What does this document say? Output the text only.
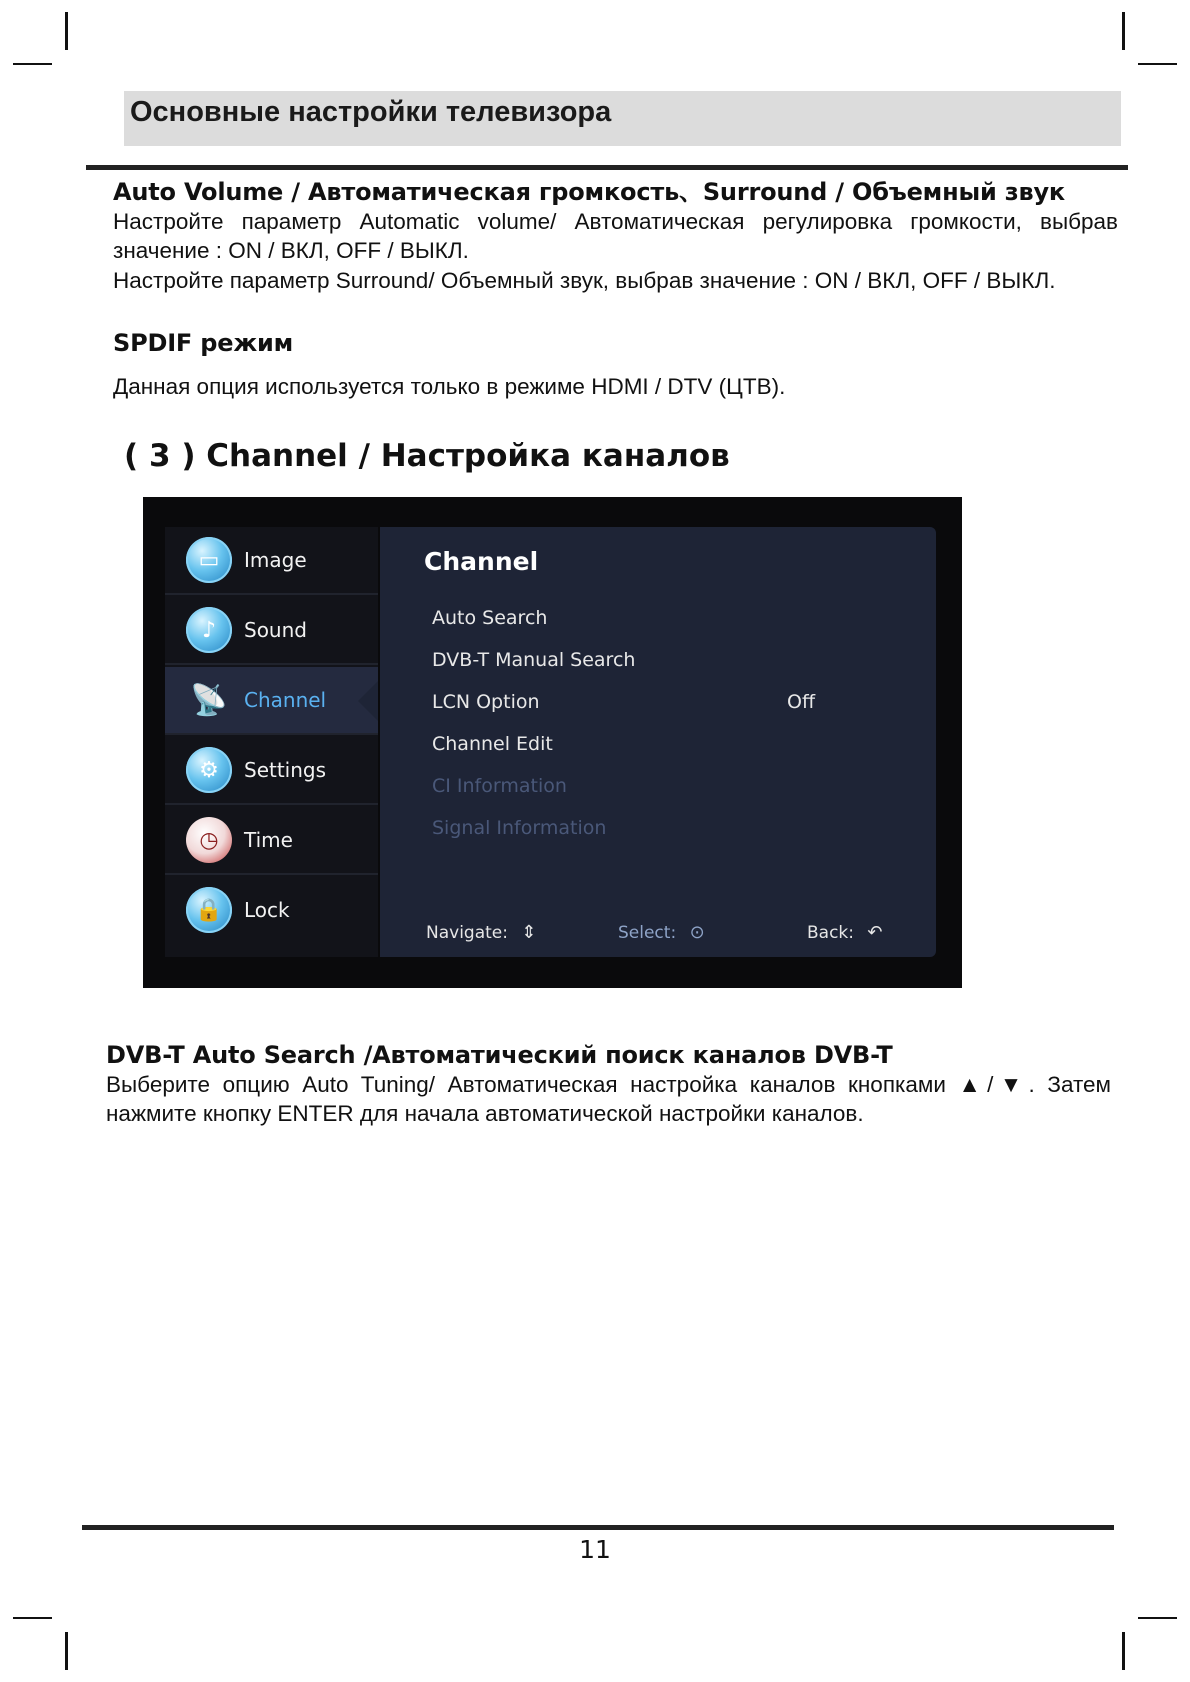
Основные настройки телевизора
Auto Volume / Автоматическая громкость、Surround / Объемный звук

Настройте параметр Automatic volume/ Автоматическая регулировка громкости, выбрав значение : ON / ВКЛ, OFF / ВЫКЛ.

Настройте параметр Surround/ Объемный звук, выбрав значение : ON / ВКЛ, OFF / ВЫКЛ.

SPDIF режим

Данная опция используется только в режиме HDMI / DTV (ЦТВ).

( 3 ) Channel / Настройка каналов
▭	Image
♪	Sound
📡 Channel
⚙	Settings
◷	Time
🔒	Lock
Channel
Auto Search
DVB-T Manual Search
LCN Option	Off
Channel Edit
CI Information
Signal Information
Navigate: ⇕	Select: ⊙	Back: ↶
DVB-T Auto Search /Автоматический поиск каналов DVB-T

Выберите опцию Auto Tuning/ Автоматическая настройка каналов кнопками ▲/▼. Затем нажмите кнопку ENTER для начала автоматической настройки каналов.

11
